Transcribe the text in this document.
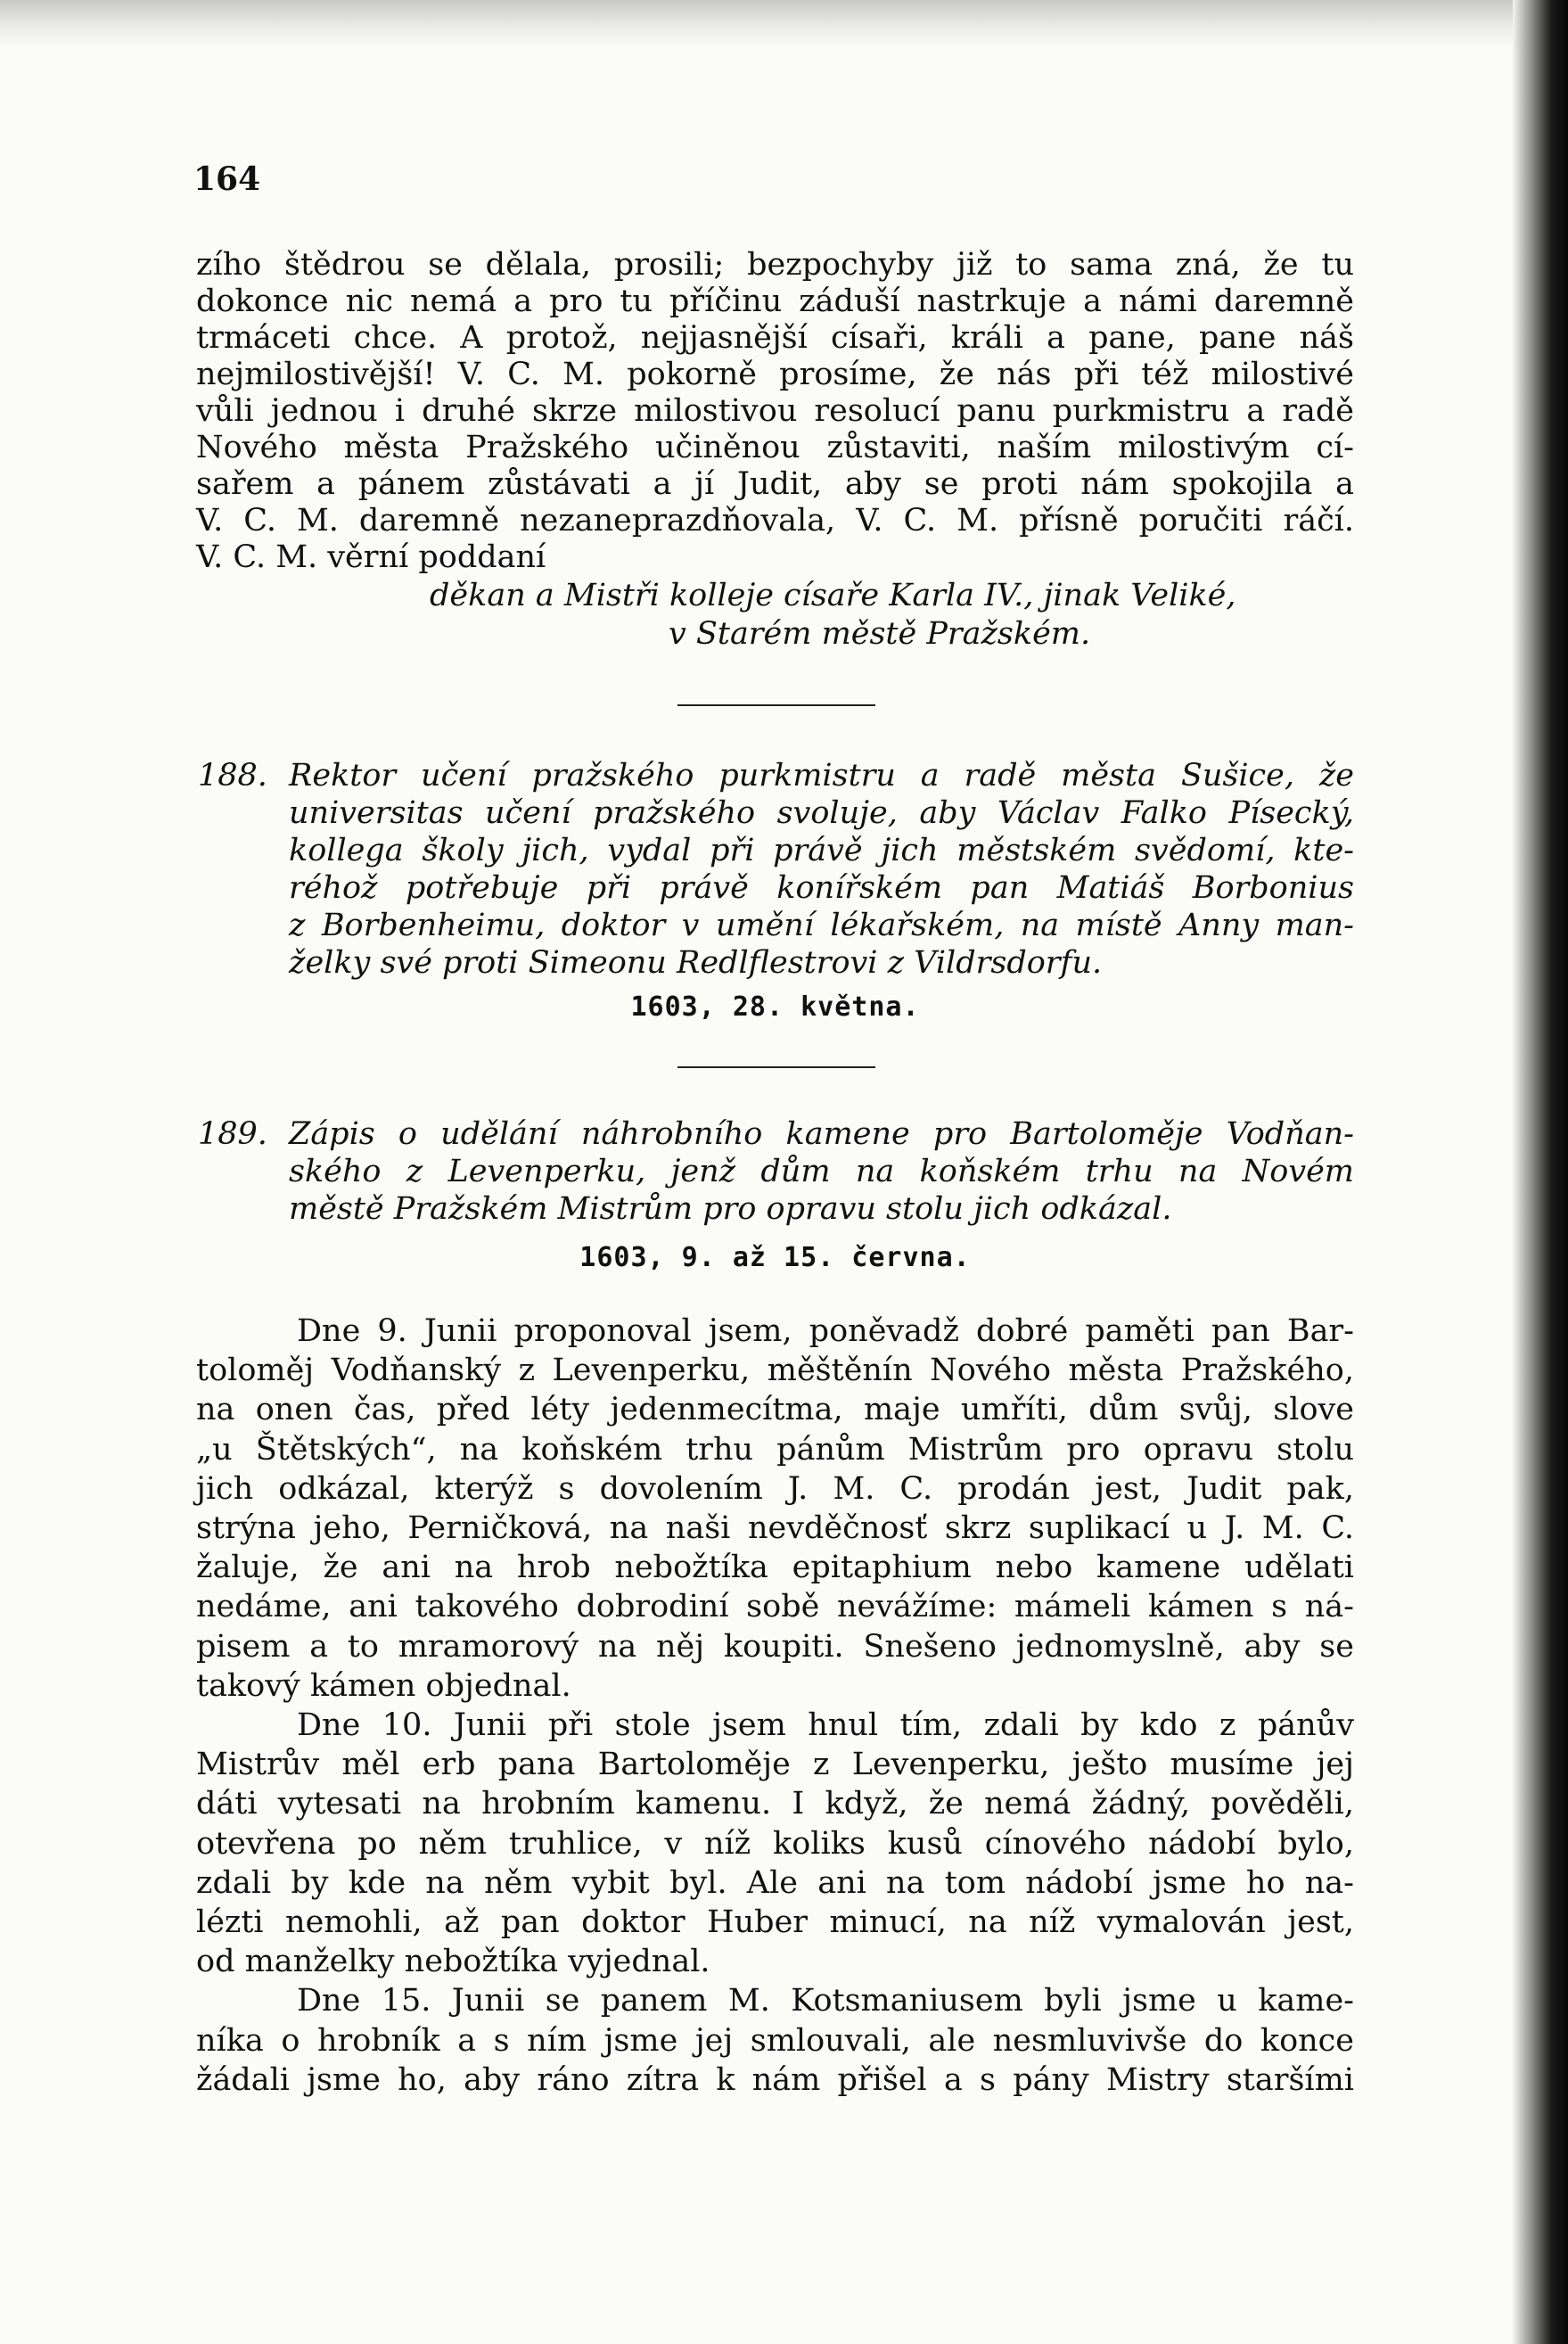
164

zího štědrou se dělala, prosili; bezpochyby již to sama zná, že tu

dokonce nic nemá a pro tu příčinu záduší nastrkuje a námi daremně

trmáceti chce. A protož, nejjasnější císaři, králi a pane, pane náš

nejmilostivější! V. C. M. pokorně prosíme, že nás při též milostivé

vůli jednou i druhé skrze milostivou resolucí panu purkmistru a radě

Nového města Pražského učiněnou zůstaviti, naším milostivým cí-

sařem a pánem zůstávati a jí Judit, aby se proti nám spokojila a

V. C. M. daremně nezaneprazdňovala, V. C. M. přísně poručiti ráčí.

V. C. M. věrní poddaní

děkan a Mistři kolleje císaře Karla IV., jinak Veliké,

v Starém městě Pražském.

188. Rektor učení pražského purkmistru a radě města Sušice, že

universitas učení pražského svoluje, aby Václav Falko Písecký,

kollega školy jich, vydal při právě jich městském svědomí, kte-

réhož potřebuje při právě konířském pan Matiáš Borbonius

z Borbenheimu, doktor v umění lékařském, na místě Anny man-

želky své proti Simeonu Redlflestrovi z Vildrsdorfu.

1603, 28. května.

189. Zápis o udělání náhrobního kamene pro Bartoloměje Vodňan-

ského z Levenperku, jenž dům na koňském trhu na Novém

městě Pražském Mistrům pro opravu stolu jich odkázal.

1603, 9. až 15. června.

Dne 9. Junii proponoval jsem, poněvadž dobré paměti pan Bar-

toloměj Vodňanský z Levenperku, měštěnín Nového města Pražského,

na onen čas, před léty jedenmecítma, maje umříti, dům svůj, slove

„u Štětských“, na koňském trhu pánům Mistrům pro opravu stolu

jich odkázal, kterýž s dovolením J. M. C. prodán jest, Judit pak,

strýna jeho, Perničková, na naši nevděčnosť skrz suplikací u J. M. C.

žaluje, že ani na hrob nebožtíka epitaphium nebo kamene udělati

nedáme, ani takového dobrodiní sobě nevážíme: mámeli kámen s ná-

pisem a to mramorový na něj koupiti. Snešeno jednomyslně, aby se

takový kámen objednal.

Dne 10. Junii při stole jsem hnul tím, zdali by kdo z pánův

Mistrův měl erb pana Bartoloměje z Levenperku, ješto musíme jej

dáti vytesati na hrobním kamenu. I když, že nemá žádný, pověděli,

otevřena po něm truhlice, v níž koliks kusů cínového nádobí bylo,

zdali by kde na něm vybit byl. Ale ani na tom nádobí jsme ho na-

lézti nemohli, až pan doktor Huber minucí, na níž vymalován jest,

od manželky nebožtíka vyjednal.

Dne 15. Junii se panem M. Kotsmaniusem byli jsme u kame-

níka o hrobník a s ním jsme jej smlouvali, ale nesmluvivše do konce

žádali jsme ho, aby ráno zítra k nám přišel a s pány Mistry staršími
